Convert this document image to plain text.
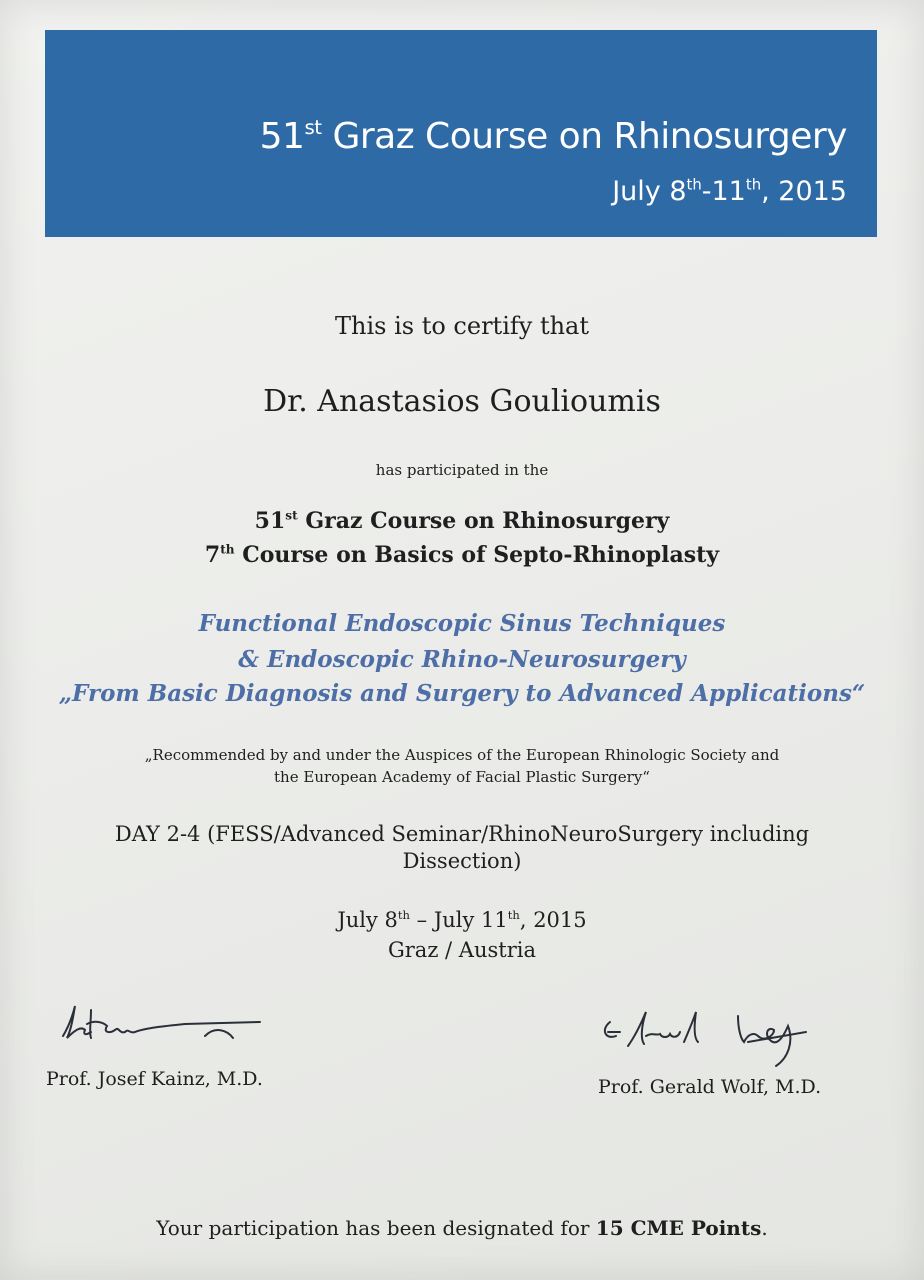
51st Graz Course on Rhinosurgery
July 8th-11th, 2015
This is to certify that
Dr. Anastasios Goulioumis
has participated in the
51st Graz Course on Rhinosurgery
7th Course on Basics of Septo-Rhinoplasty
Functional Endoscopic Sinus Techniques
& Endoscopic Rhino-Neurosurgery
„From Basic Diagnosis and Surgery to Advanced Applications“
„Recommended by and under the Auspices of the European Rhinologic Society and
the European Academy of Facial Plastic Surgery“
DAY 2-4 (FESS/Advanced Seminar/RhinoNeuroSurgery including
Dissection)
July 8th – July 11th, 2015
Graz / Austria
Prof. Josef Kainz, M.D.	Prof. Gerald Wolf, M.D.
Your participation has been designated for 15 CME Points.
